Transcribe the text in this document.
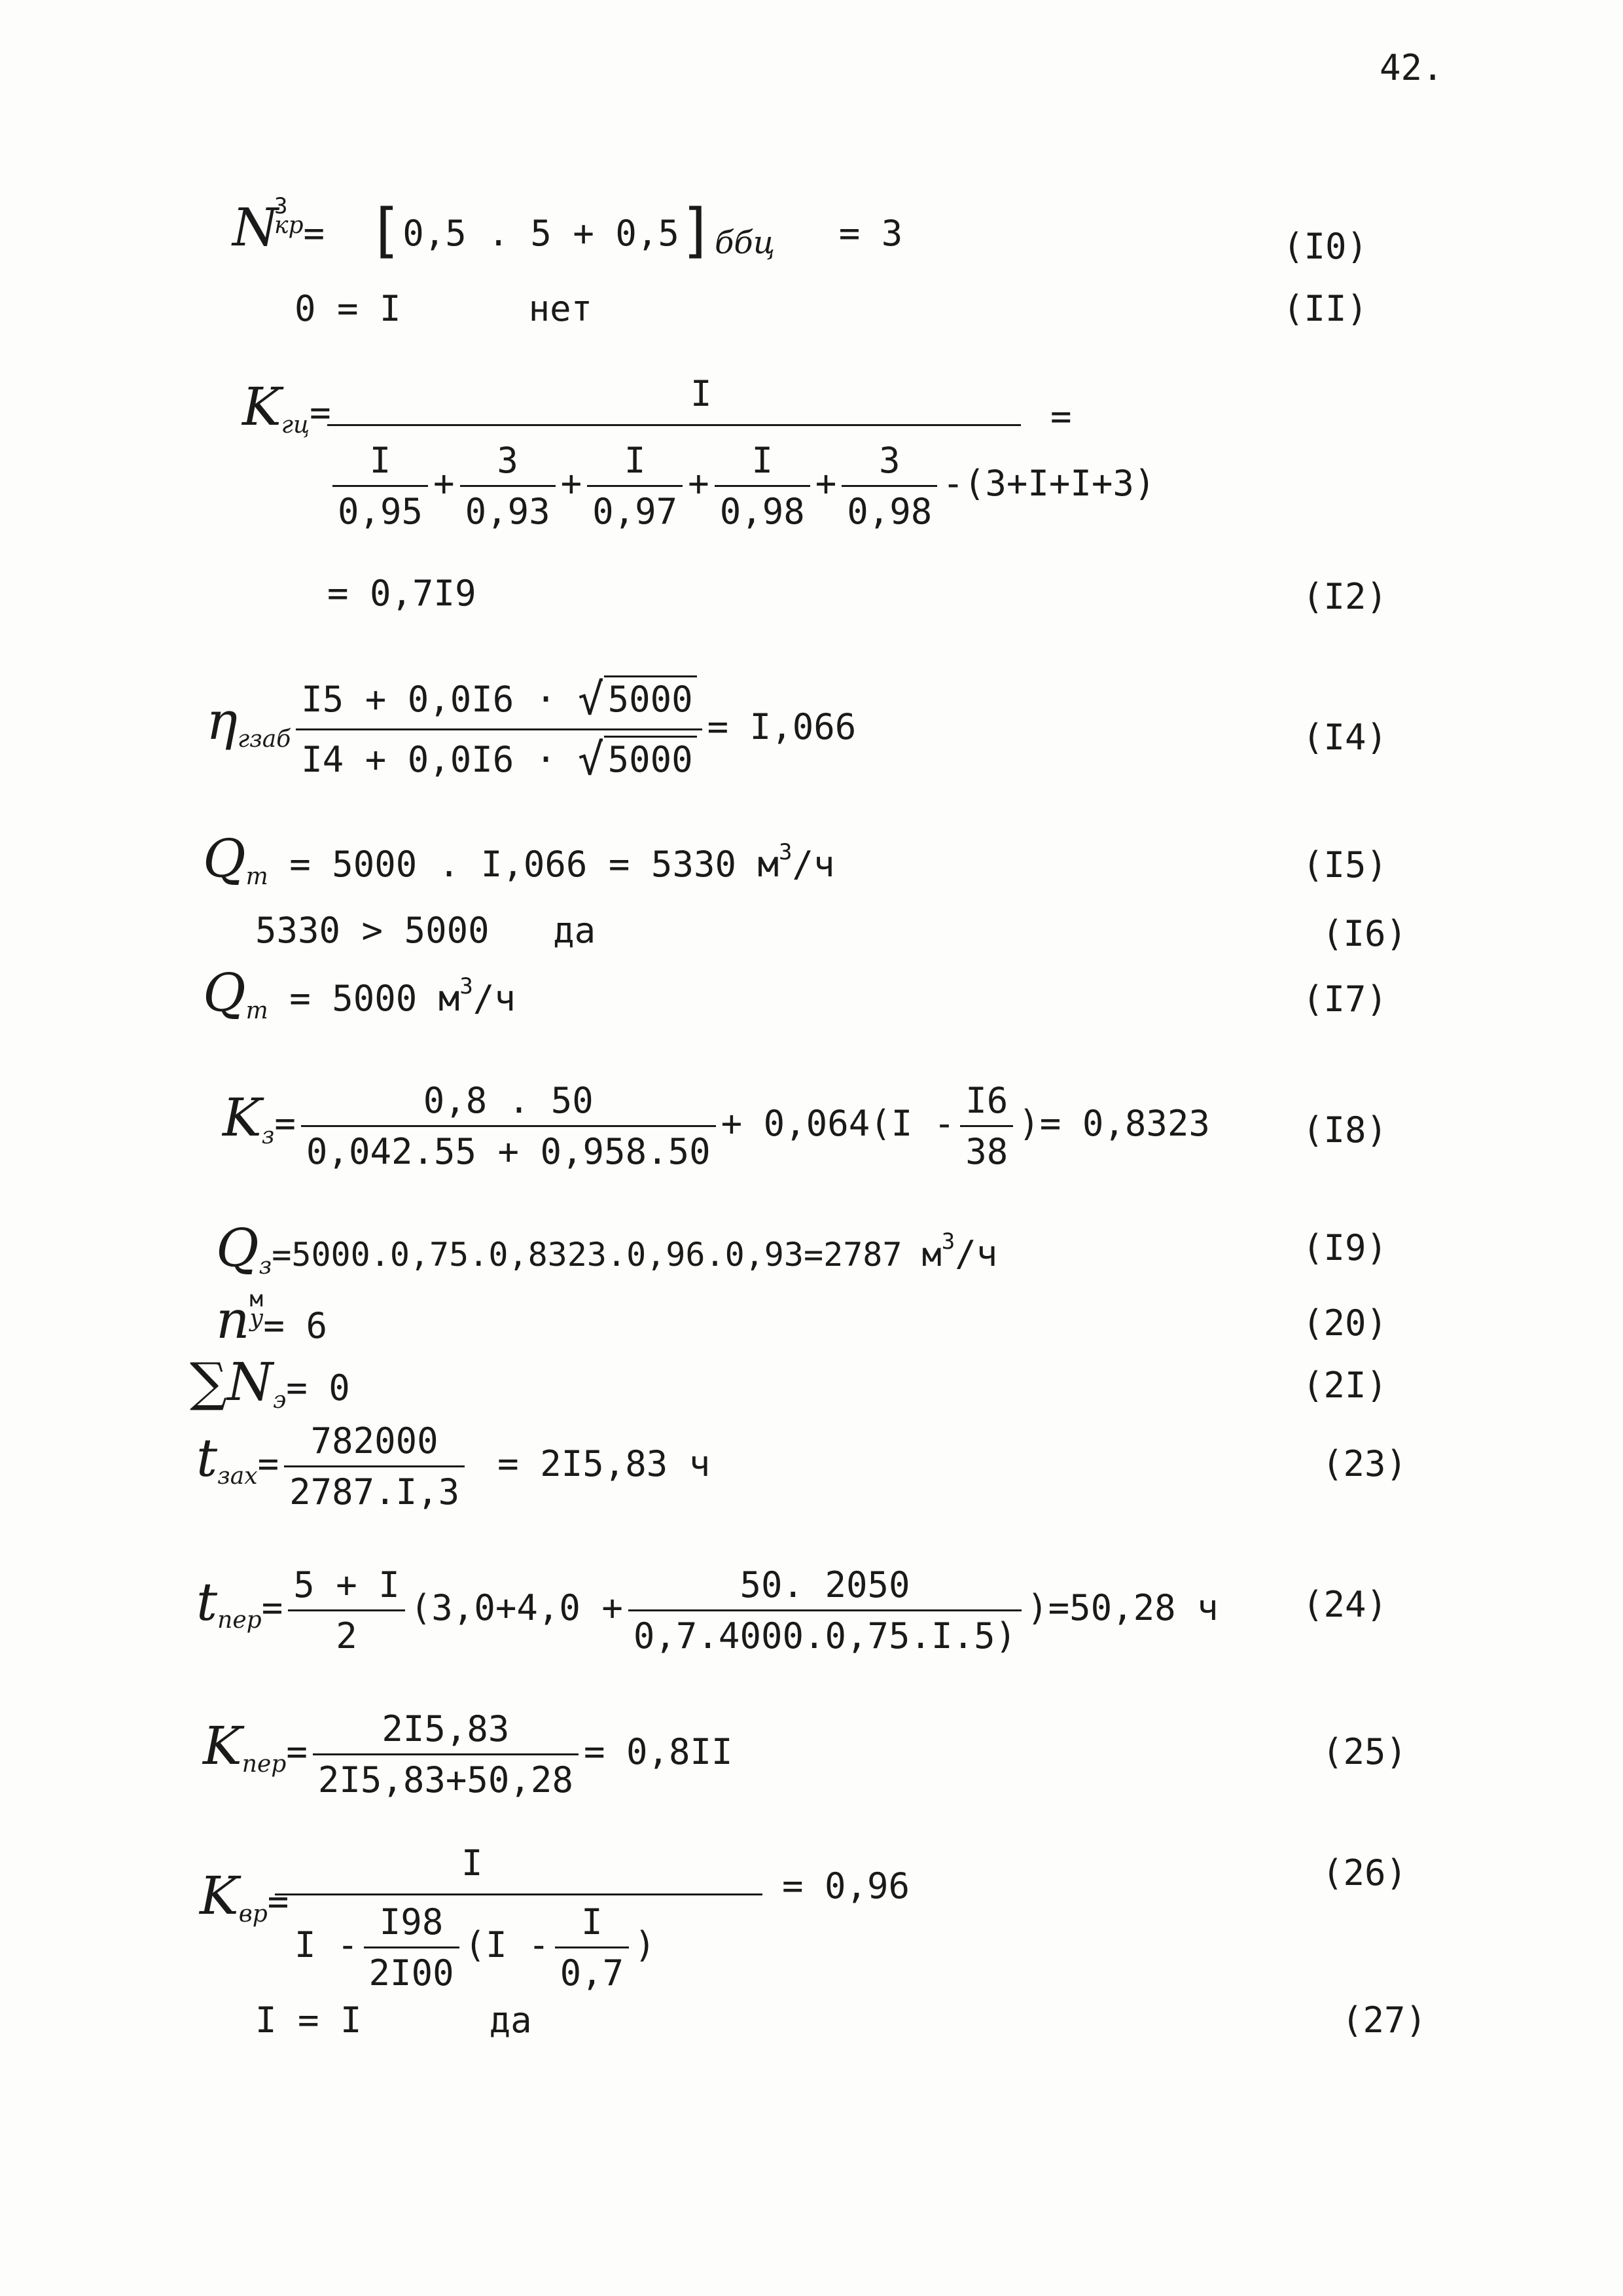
42.
N
3
кр =  [0,5 . 5 + 0,5]ббц = 3	(I0)
0 = I	нет	(II)
$K_{гц}=$	I
=
$\frac{I}{0,95} + \frac{3}{0,93} + \frac{I}{0,97} + \frac{I}{0,98} + \frac{3}{0,98} -(3+I+I+3)$
= 0,7I9	(I2)
$\eta_{гзаб} \frac{I5 + 0,0I6 \cdot √ 5000}{I4 + 0,0I6 \cdot √ 5000} = I,066$	(I4)
$Q_т = 5000$ . I,066 = 5330 $м^3/ч$	(I5)
5330 > 5000 да	(I6)
$Q_т = 5000$ $м^3/ч$	(I7)
$K_з= \frac{0,8 . 50}{0,042.55 + 0,958.50} + 0,064(I - \frac{I6}{38}$ )= 0,8323	(I8)
$Q_з=5000.0,75.0,8323.0,96.0,93=2787$ $м^3/ч$	(I9)
n м
у = 6	(20)
$\sum N_э= 0$	(2I)
$t_{зах}= \frac{782000}{2787.I,3} = 2I5,83$ ч	(23)
$t_{пер}= \frac{5 + I}{2} (3,0+4,0 + \frac{50. 2050}{0,7.4000.0,75.I.5)} )=50,28$ ч (24)
$K_{пер}= \frac{2I5,83}{2I5,83+50,28} = 0,8II$	(25)
$K_{вр}=$
I
= 0,96
I - $\frac{I98}{2I00} (I - \frac{I}{0,7}$ )
(26)
I = I	да	(27)
